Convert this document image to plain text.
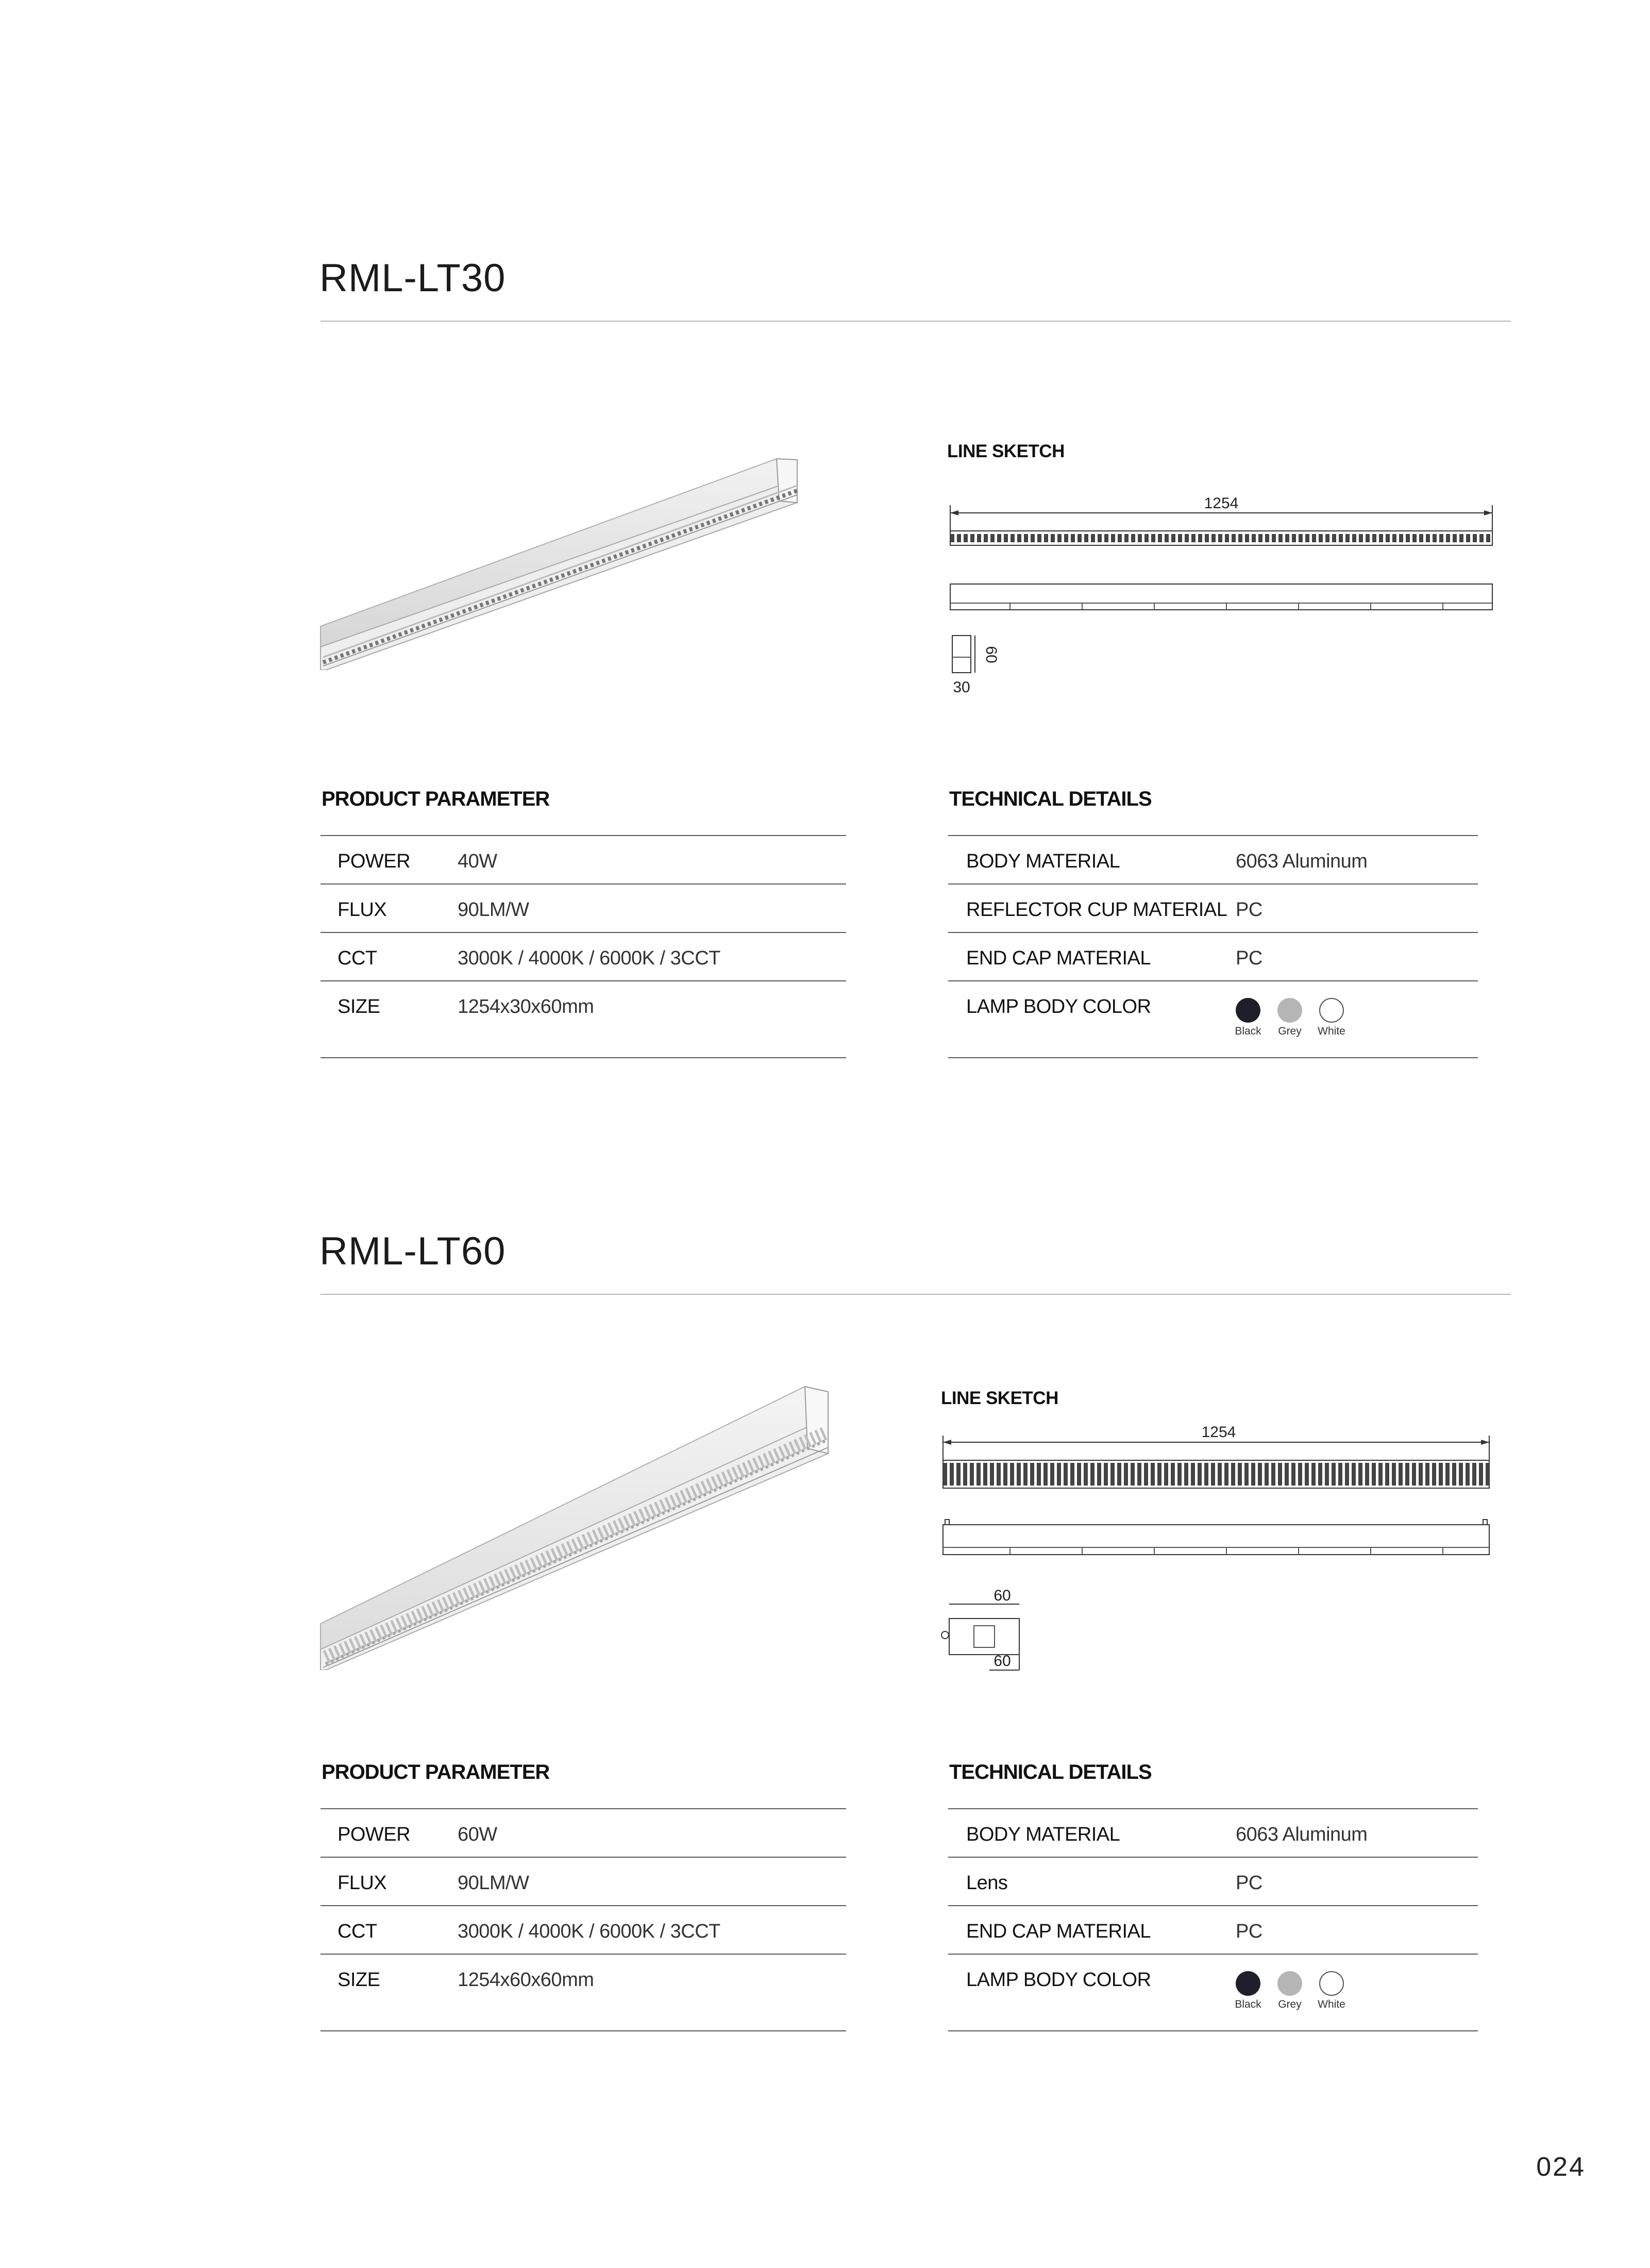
RML-LT30
LINE SKETCH
1254
60
30
PRODUCT PARAMETER
POWER 40W
FLUX	90LM/W
CCT	3000K / 4000K / 6000K / 3CCT
SIZE	1254x30x60mm
TECHNICAL DETAILS
BODY MATERIAL	6063 Aluminum
REFLECTOR CUP MATERIAL PC
END CAP MATERIAL	PC
LAMP BODY COLOR
Black Grey White
RML-LT60
LINE SKETCH
1254
60
60
PRODUCT PARAMETER
POWER 60W
FLUX	90LM/W
CCT	3000K / 4000K / 6000K / 3CCT
SIZE	1254x60x60mm
TECHNICAL DETAILS
BODY MATERIAL	6063 Aluminum
Lens	PC
END CAP MATERIAL	PC
LAMP BODY COLOR
Black Grey White
024
